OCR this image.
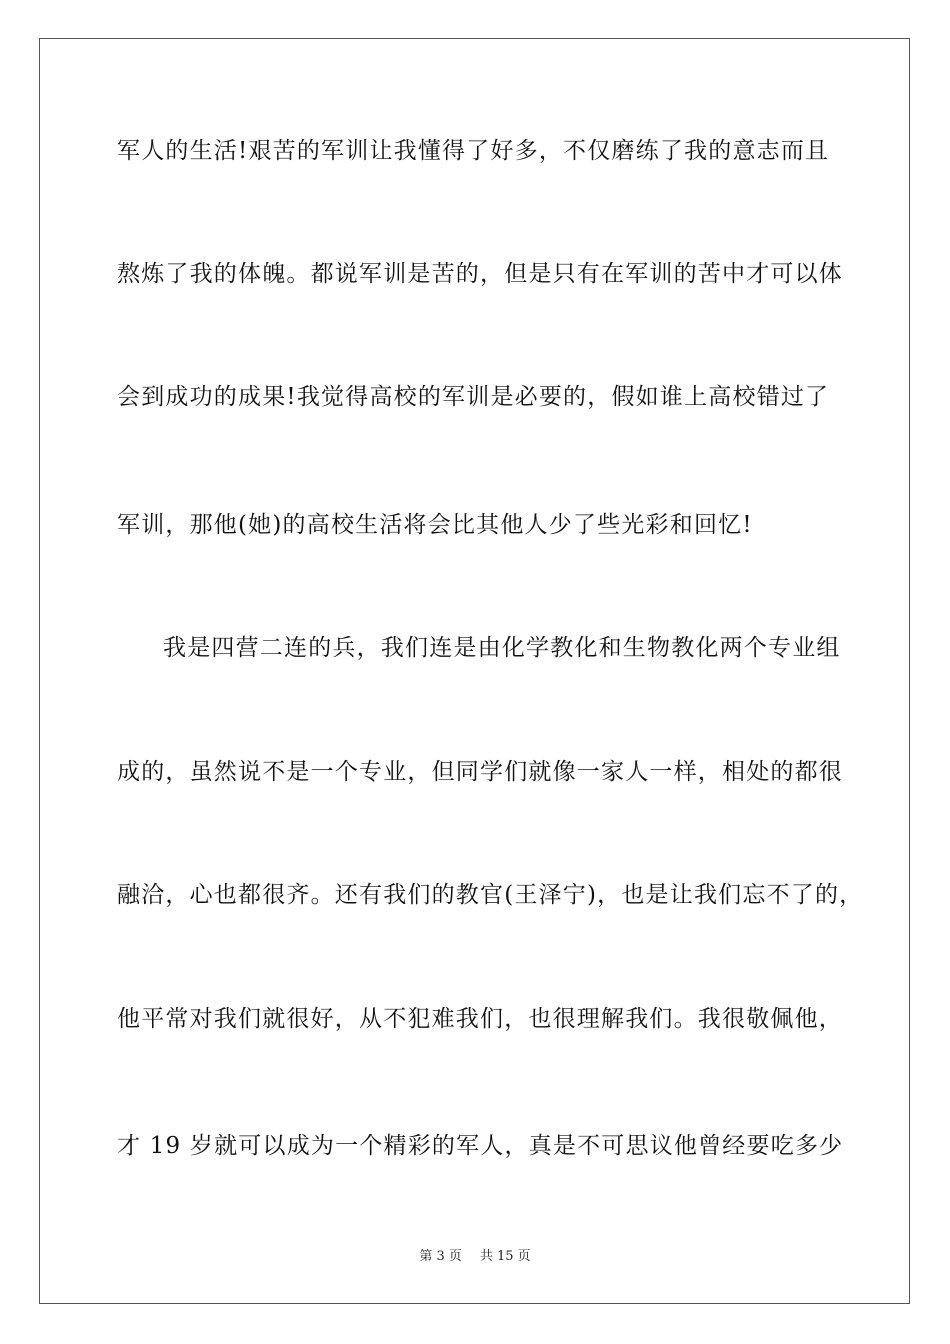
军人的生活!艰苦的军训让我懂得了好多，不仅磨练了我的意志而且
熬炼了我的体魄。都说军训是苦的，但是只有在军训的苦中才可以体
会到成功的成果!我觉得高校的军训是必要的，假如谁上高校错过了
军训，那他(她)的高校生活将会比其他人少了些光彩和回忆!
我是四营二连的兵，我们连是由化学教化和生物教化两个专业组
成的，虽然说不是一个专业，但同学们就像一家人一样，相处的都很
融洽，心也都很齐。还有我们的教官(王泽宁)，也是让我们忘不了的，
他平常对我们就很好，从不犯难我们，也很理解我们。我很敬佩他，
才 19 岁就可以成为一个精彩的军人，真是不可思议他曾经要吃多少
第 3 页 共 15 页
